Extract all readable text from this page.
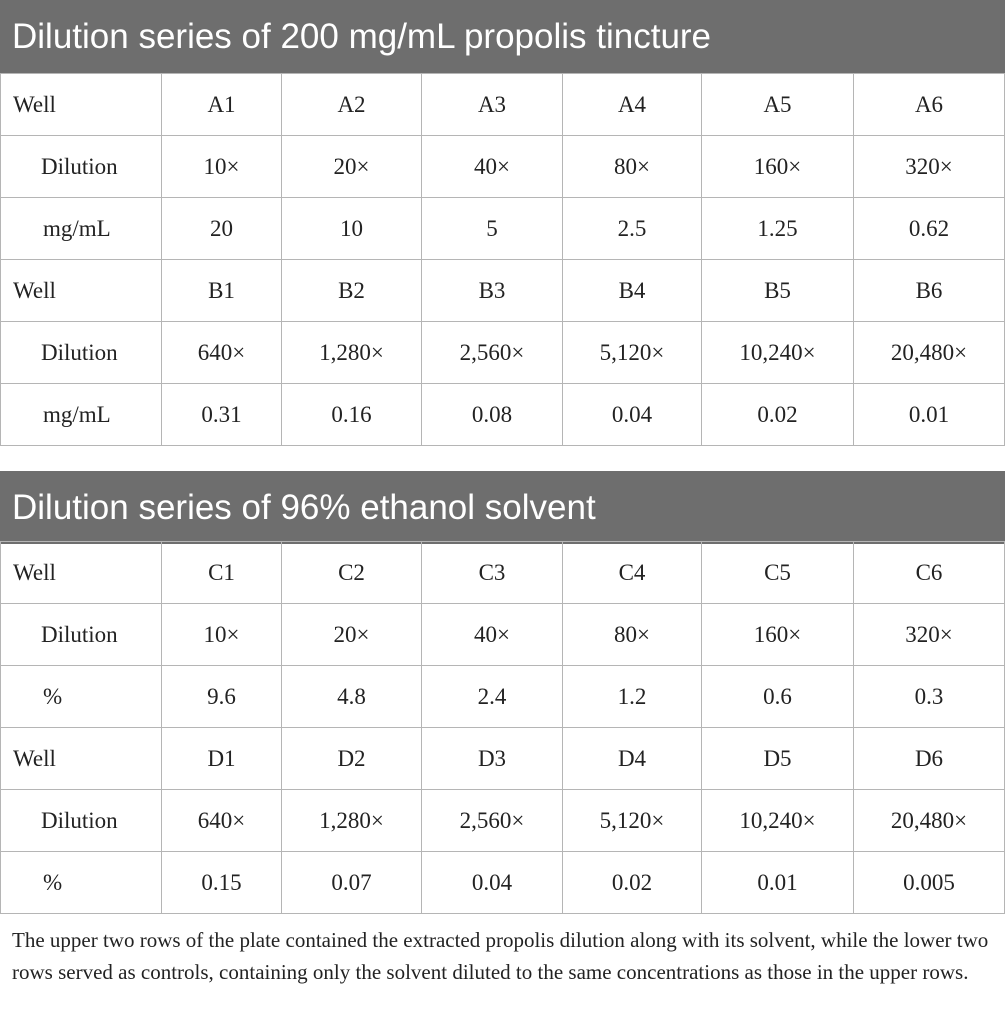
Dilution series of 200 mg/mL propolis tincture
Well	A1	A2	A3	A4	A5	A6
Dilution	10×	20×	40×	80×	160×	320×
mg/mL	20	10	5	2.5	1.25	0.62
Well	B1	B2	B3	B4	B5	B6
Dilution	640×	1,280×	2,560×	5,120×	10,240×	20,480×
mg/mL	0.31	0.16	0.08	0.04	0.02	0.01
Dilution series of 96% ethanol solvent
Well	C1	C2	C3	C4	C5	C6
Dilution	10×	20×	40×	80×	160×	320×
%	9.6	4.8	2.4	1.2	0.6	0.3
Well	D1	D2	D3	D4	D5	D6
Dilution	640×	1,280×	2,560×	5,120×	10,240×	20,480×
%	0.15	0.07	0.04	0.02	0.01	0.005
The upper two rows of the plate contained the extracted propolis dilution along with its solvent, while the lower two rows served as controls, containing only the solvent diluted to the same concentrations as those in the upper rows.
